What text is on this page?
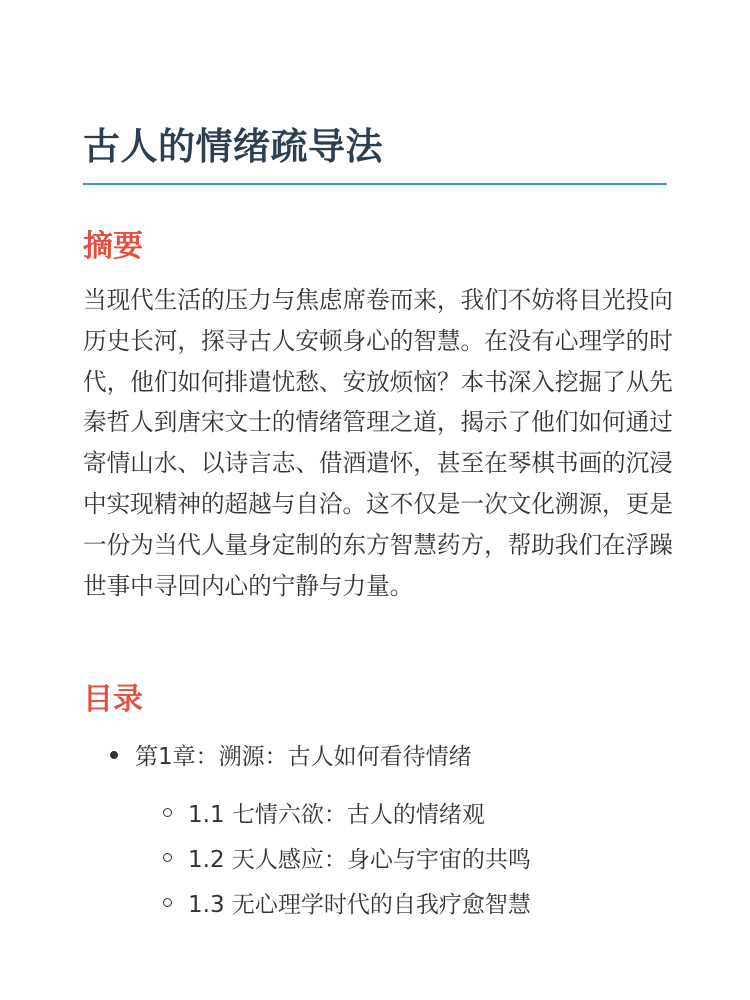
古人的情绪疏导法
摘要

当现代生活的压力与焦虑席卷而来，我们不妨将目光投向历史长河，探寻古人安顿身心的智慧。在没有心理学的时代，他们如何排遣忧愁、安放烦恼？本书深入挖掘了从先秦哲人到唐宋文士的情绪管理之道，揭示了他们如何通过寄情山水、以诗言志、借酒遣怀，甚至在琴棋书画的沉浸中实现精神的超越与自洽。这不仅是一次文化溯源，更是一份为当代人量身定制的东方智慧药方，帮助我们在浮躁世事中寻回内心的宁静与力量。

目录
第1章：溯源：古人如何看待情绪
1.1 七情六欲：古人的情绪观
1.2 天人感应：身心与宇宙的共鸣
1.3 无心理学时代的自我疗愈智慧
